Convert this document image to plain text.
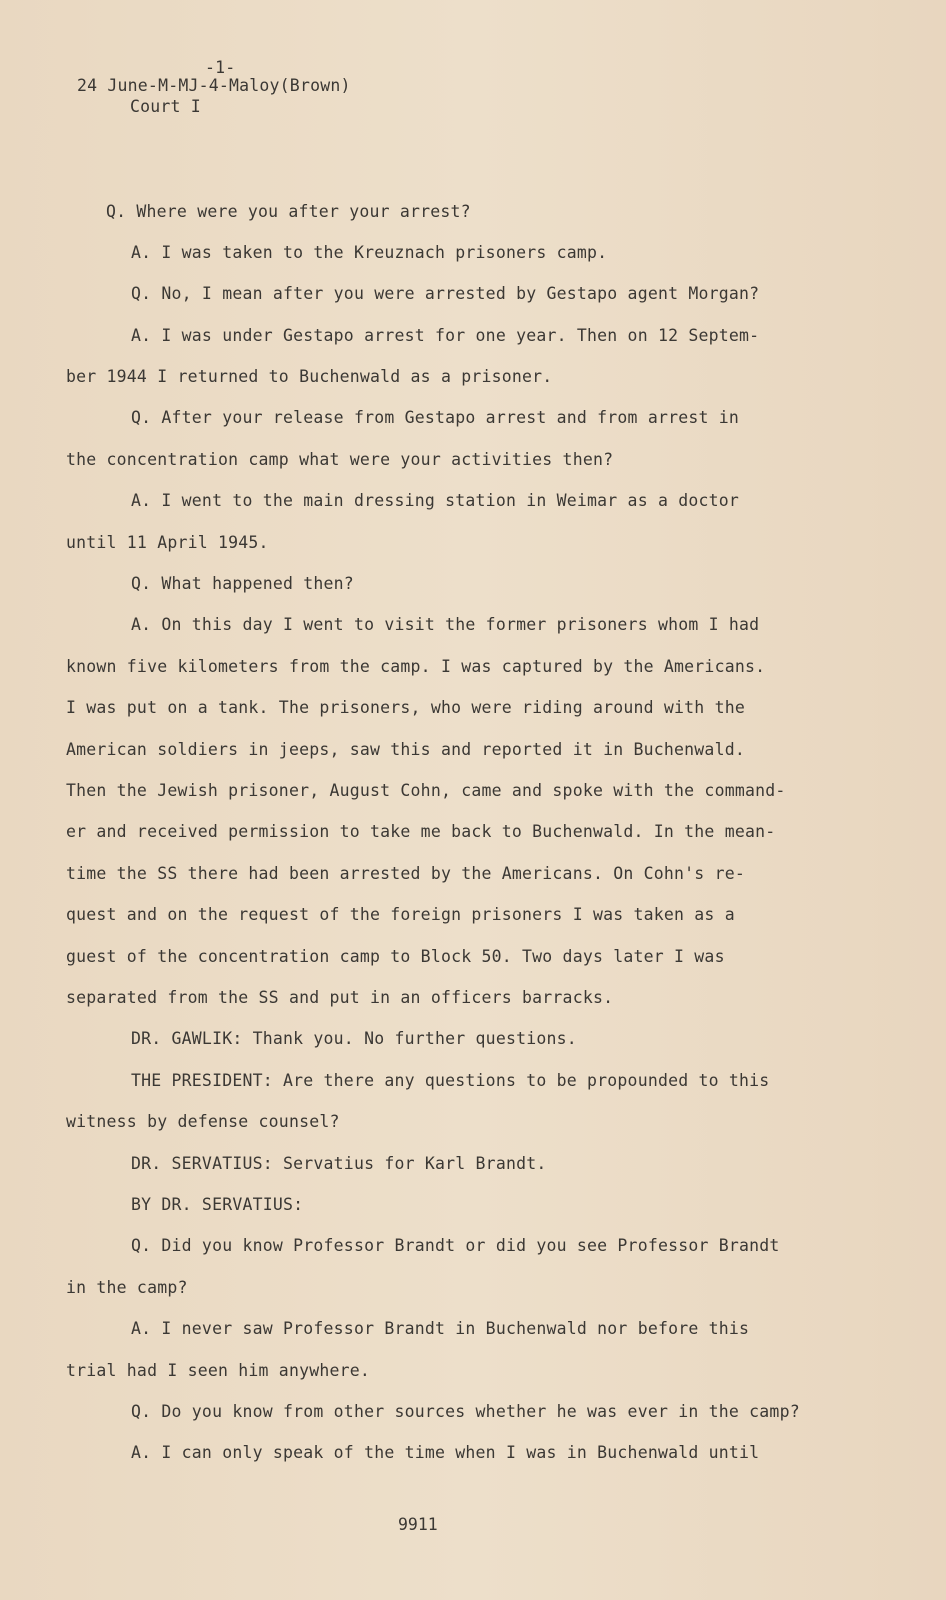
-1-
24 June-M-MJ-4-Maloy(Brown)
Court I
Q. Where were you after your arrest?
A. I was taken to the Kreuznach prisoners camp.
Q. No, I mean after you were arrested by Gestapo agent Morgan?
A. I was under Gestapo arrest for one year. Then on 12 Septem-
ber 1944 I returned to Buchenwald as a prisoner.
Q. After your release from Gestapo arrest and from arrest in
the concentration camp what were your activities then?
A. I went to the main dressing station in Weimar as a doctor
until 11 April 1945.
Q. What happened then?
A. On this day I went to visit the former prisoners whom I had
known five kilometers from the camp. I was captured by the Americans.
I was put on a tank. The prisoners, who were riding around with the
American soldiers in jeeps, saw this and reported it in Buchenwald.
Then the Jewish prisoner, August Cohn, came and spoke with the command-
er and received permission to take me back to Buchenwald. In the mean-
time the SS there had been arrested by the Americans. On Cohn's re-
quest and on the request of the foreign prisoners I was taken as a
guest of the concentration camp to Block 50. Two days later I was
separated from the SS and put in an officers barracks.
DR. GAWLIK: Thank you. No further questions.
THE PRESIDENT: Are there any questions to be propounded to this
witness by defense counsel?
DR. SERVATIUS: Servatius for Karl Brandt.
BY DR. SERVATIUS:
Q. Did you know Professor Brandt or did you see Professor Brandt
in the camp?
A. I never saw Professor Brandt in Buchenwald nor before this
trial had I seen him anywhere.
Q. Do you know from other sources whether he was ever in the camp?
A. I can only speak of the time when I was in Buchenwald until
9911
